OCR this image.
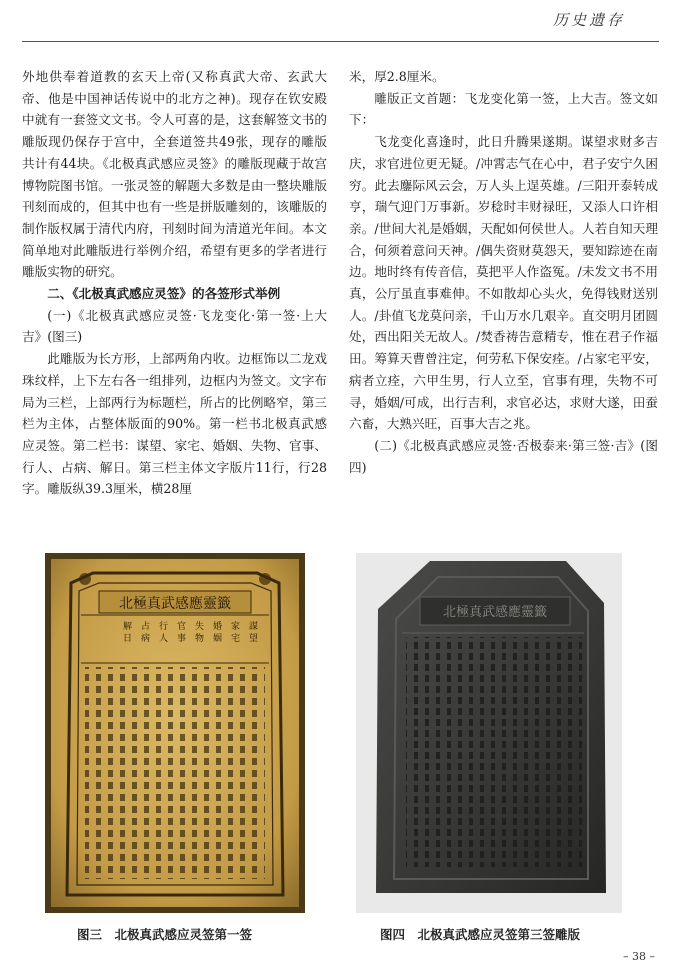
历史遗存

外地供奉着道教的玄天上帝(又称真武大帝、玄武大帝、他是中国神话传说中的北方之神)。现存在钦安殿中就有一套签文文书。令人可喜的是，这套解签文书的雕版现仍保存于宫中，全套道签共49张，现存的雕版共计有44块。《北极真武感应灵签》的雕版现藏于故宫博物院图书馆。一张灵签的解题大多数是由一整块雕版刊刻而成的，但其中也有一些是拼版雕刻的，该雕版的制作版权属于清代内府，刊刻时间为清道光年间。本文简单地对此雕版进行举例介绍，希望有更多的学者进行雕版实物的研究。

二、《北极真武感应灵签》的各签形式举例

(一)《北极真武感应灵签·飞龙变化·第一签·上大吉》(图三)

此雕版为长方形，上部两角内收。边框饰以二龙戏珠纹样，上下左右各一组排列，边框内为签文。文字布局为三栏，上部两行为标题栏，所占的比例略窄，第三栏为主体，占整体版面的90%。第一栏书北极真武感应灵签。第二栏书：谋望、家宅、婚姻、失物、官事、行人、占病、解日。第三栏主体文字版片11行，行28字。雕版纵39.3厘米，横28厘

米，厚2.8厘米。

雕版正文首题：飞龙变化第一签，上大吉。签文如下：

飞龙变化喜逢时，此日升腾果遂期。谋望求财多吉庆，求官进位更无疑。/冲霄志气在心中，君子安宁久困穷。此去鏖际风云会，万人头上逞英雄。/三阳开泰转成亨，瑞气迎门万事新。岁稔时丰财禄旺，又添人口许相亲。/世间大礼是婚姻，天配如何侯世人。人若自知天理合，何须着意问天神。/偶失资财莫怨天，要知踪迹在南边。地时终有传音信，莫把平人作盗冤。/未发文书不用真，公厅虽直事难伸。不如散却心头火，免得钱财送别人。/卦值飞龙莫问亲，千山万水几艰辛。直交明月团圆处，西出阳关无故人。/焚香祷告意精专，惟在君子作福田。筹算天曹曾注定，何劳私下保安痊。/占家宅平安，病者立痊，六甲生男，行人立至，官事有理，失物不可寻，婚姻/可成，出行吉利，求官必达，求财大遂，田蚕六畜，大熟兴旺，百事大吉之兆。

(二)《北极真武感应灵签·否极泰来·第三签·吉》(图四)

北極真武感應靈籤
謀
望
家
宅
婚
姻
失
物
官
事
行
人
占
病
解
日
北極真武感應靈籤
图三　北极真武感应灵签第一签	图四　北极真武感应灵签第三签雕版
– 38 –
